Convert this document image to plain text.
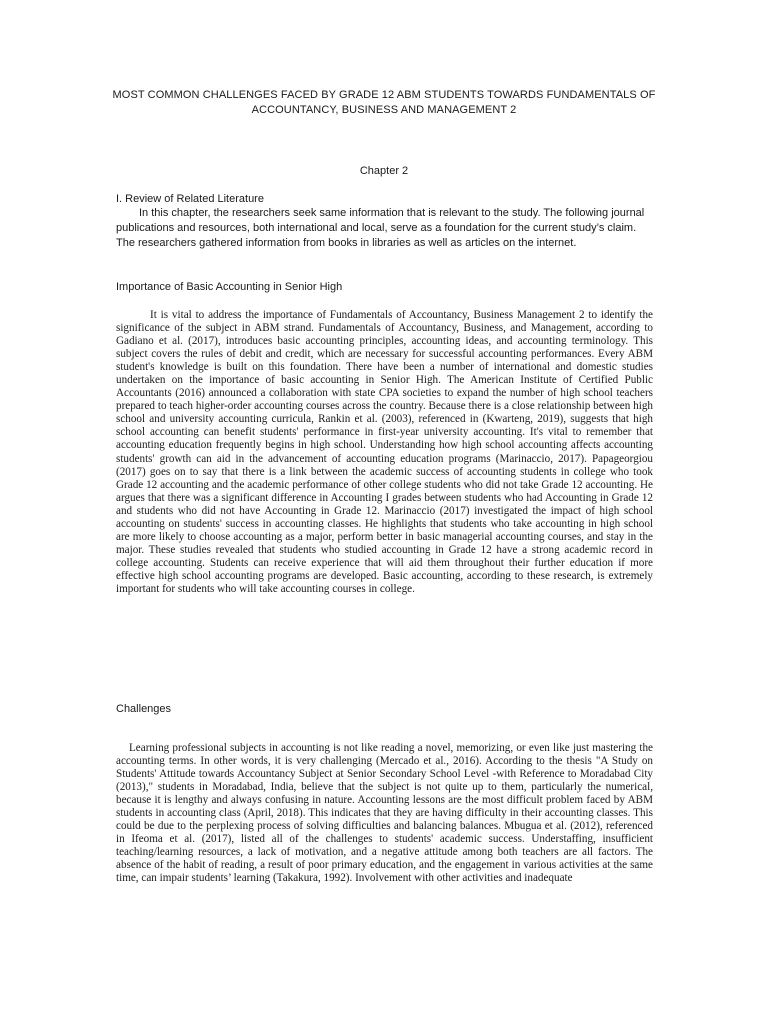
MOST COMMON CHALLENGES FACED BY GRADE 12 ABM STUDENTS TOWARDS FUNDAMENTALS OF ACCOUNTANCY, BUSINESS AND MANAGEMENT 2
Chapter 2
I. Review of Related Literature

In this chapter, the researchers seek same information that is relevant to the study. The following journal publications and resources, both international and local, serve as a foundation for the current study’s claim. The researchers gathered information from books in libraries as well as articles on the internet.

Importance of Basic Accounting in Senior High

It is vital to address the importance of Fundamentals of Accountancy, Business Management 2 to identify the significance of the subject in ABM strand. Fundamentals of Accountancy, Business, and Management, according to Gadiano et al. (2017), introduces basic accounting principles, accounting ideas, and accounting terminology. This subject covers the rules of debit and credit, which are necessary for successful accounting performances. Every ABM student's knowledge is built on this foundation. There have been a number of international and domestic studies undertaken on the importance of basic accounting in Senior High. The American Institute of Certified Public Accountants (2016) announced a collaboration with state CPA societies to expand the number of high school teachers prepared to teach higher-order accounting courses across the country. Because there is a close relationship between high school and university accounting curricula, Rankin et al. (2003), referenced in (Kwarteng, 2019), suggests that high school accounting can benefit students' performance in first-year university accounting. It's vital to remember that accounting education frequently begins in high school. Understanding how high school accounting affects accounting students' growth can aid in the advancement of accounting education programs (Marinaccio, 2017). Papageorgiou (2017) goes on to say that there is a link between the academic success of accounting students in college who took Grade 12 accounting and the academic performance of other college students who did not take Grade 12 accounting. He argues that there was a significant difference in Accounting I grades between students who had Accounting in Grade 12 and students who did not have Accounting in Grade 12. Marinaccio (2017) investigated the impact of high school accounting on students' success in accounting classes. He highlights that students who take accounting in high school are more likely to choose accounting as a major, perform better in basic managerial accounting courses, and stay in the major. These studies revealed that students who studied accounting in Grade 12 have a strong academic record in college accounting. Students can receive experience that will aid them throughout their further education if more effective high school accounting programs are developed. Basic accounting, according to these research, is extremely important for students who will take accounting courses in college.

Challenges

Learning professional subjects in accounting is not like reading a novel, memorizing, or even like just mastering the accounting terms. In other words, it is very challenging (Mercado et al., 2016). According to the thesis "A Study on Students' Attitude towards Accountancy Subject at Senior Secondary School Level -with Reference to Moradabad City (2013)," students in Moradabad, India, believe that the subject is not quite up to them, particularly the numerical, because it is lengthy and always confusing in nature. Accounting lessons are the most difficult problem faced by ABM students in accounting class (April, 2018). This indicates that they are having difficulty in their accounting classes. This could be due to the perplexing process of solving difficulties and balancing balances. Mbugua et al. (2012), referenced in Ifeoma et al. (2017), listed all of the challenges to students' academic success. Understaffing, insufficient teaching/learning resources, a lack of motivation, and a negative attitude among both teachers are all factors. The absence of the habit of reading, a result of poor primary education, and the engagement in various activities at the same time, can impair students’ learning (Takakura, 1992). Involvement with other activities and inadequate
